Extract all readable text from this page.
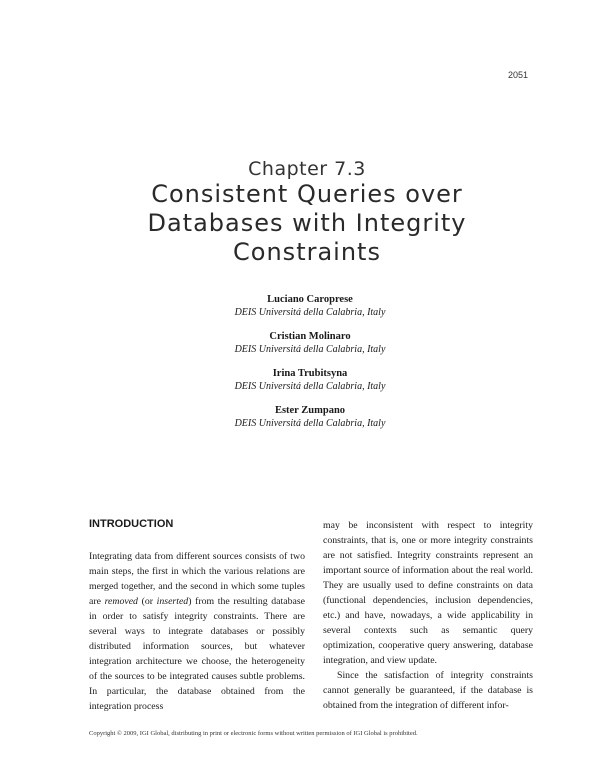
2051
Chapter 7.3
Consistent Queries over
Databases with Integrity
Constraints
Luciano Caroprese
DEIS Universitá della Calabria, Italy
Cristian Molinaro
DEIS Universitá della Calabria, Italy
Irina Trubitsyna
DEIS Universitá della Calabria, Italy
Ester Zumpano
DEIS Universitá della Calabria, Italy
INTRODUCTION

Integrating data from different sources consists of two main steps, the first in which the various relations are merged together, and the second in which some tuples are removed (or inserted) from the resulting database in order to satisfy integrity constraints. There are several ways to integrate databases or possibly distributed information sources, but whatever integration architecture we choose, the heterogeneity of the sources to be integrated causes subtle problems. In particular, the database obtained from the integration process

may be inconsistent with respect to integrity constraints, that is, one or more integrity constraints are not satisfied. Integrity constraints represent an important source of information about the real world. They are usually used to define constraints on data (functional dependencies, inclusion dependencies, etc.) and have, nowadays, a wide applicability in several contexts such as semantic query optimization, cooperative query answering, database integration, and view update.

Since the satisfaction of integrity constraints cannot generally be guaranteed, if the database is obtained from the integration of different infor-

Copyright © 2009, IGI Global, distributing in print or electronic forms without written permission of IGI Global is prohibited.
